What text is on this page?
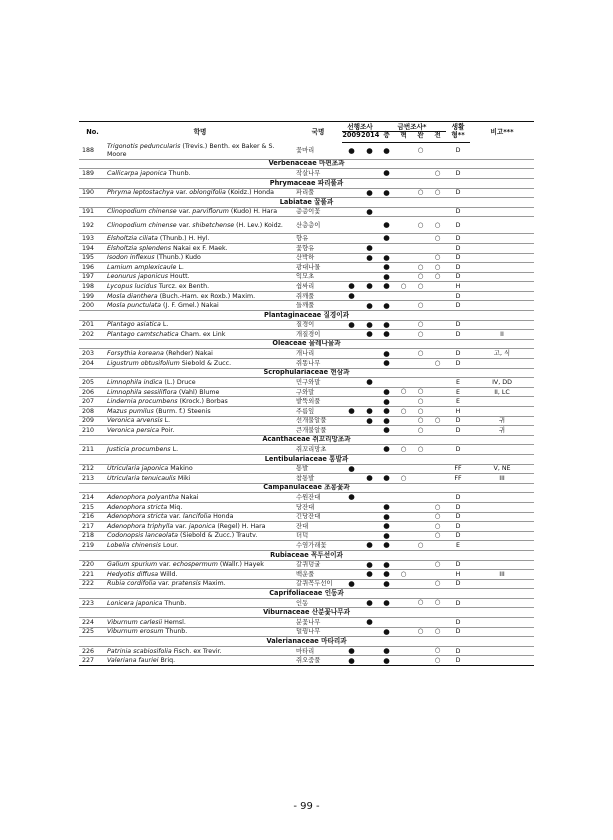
No.	학명	국명	선행조사		금번조사*				생활	비고***
			2009	2014	층	혁	완	전	형**	
188	Trigonotis peduncularis (Trevis.) Benth. ex Baker & S. Moore	꽃마리	●	●	●		○		D	
Verbenaceae 마편초과										
189	Callicarpa japonica Thunb.	작살나무			●			○	D	
Phrymaceae 파리풀과										
190	Phryma leptostachya var. oblongifolia (Koidz.) Honda	파리풀		●	●		○	○	D	
Labiatae 꿀풀과										
191	Clinopodium chinense var. parviflorum (Kudo) H. Hara	층층이꽃		●					D	
192	Clinopodium chinense var. shibetchense (H. Lev.) Koidz.	산층층이			●		○	○	D	
193	Elsholtzia ciliata (Thunb.) H. Hyl.	향유			●			○	D	
194	Elsholtzia splendens Nakai ex F. Maek.	꽃향유		●					D	
195	Isodon inflexus (Thunb.) Kudo	산박하		●	●			○	D	
196	Lamium amplexicaule L.	광대나물			●		○	○	D	
197	Leonurus japonicus Houtt.	익모초			●		○	○	D	
198	Lycopus lucidus Turcz. ex Benth.	쉽싸리	●	●	●	○	○		H	
199	Mosla dianthera (Buch.-Ham. ex Roxb.) Maxim.	쥐깨풀	●						D	
200	Mosla punctulata (J. F. Gmel.) Nakai	들깨풀		●	●		○		D	
Plantaginaceae 질경이과										
201	Plantago asiatica L.	질경이	●	●	●		○		D	
202	Plantago camtschatica Cham. ex Link	개질경이		●	●		○		D	II
Oleaceae 물레나물과										
203	Forsythia koreana (Rehder) Nakai	개나리			●		○		D	고, 식
204	Ligustrum obtusifolium Siebold & Zucc.	쥐똥나무			●			○	D	
Scrophulariaceae 현삼과										
205	Limnophila indica (L.) Druce	민구와말		●					E	IV, DD
206	Limnophila sessiliflora (Vahl) Blume	구와말			●	○	○		E	II, LC
207	Lindernia procumbens (Krock.) Borbas	밭뚝외풀			●		○		E	
208	Mazus pumilus (Burm. f.) Steenis	주름잎	●	●	●	○	○		H	
209	Veronica arvensis L.	선개불알풀		●	●		○	○	D	귀
210	Veronica persica Poir.	큰개불알풀			●		○		D	귀
Acanthaceae 쥐꼬리망초과										
211	Justicia procumbens L.	쥐꼬리망초			●	○	○		D	
Lentibulariaceae 통발과										
212	Utricularia japonica Makino	통발	●						FF	V, NE
213	Utricularia tenuicaulis Miki	참통발		●	●	○			FF	III
Campanulaceae 초롱꽃과										
214	Adenophora polyantha Nakai	수원잔대	●						D	
215	Adenophora stricta Miq.	당잔대			●			○	D	
216	Adenophora stricta var. lancifolia Honda	긴당잔대			●			○	D	
217	Adenophora triphylla var. japonica (Regel) H. Hara	잔대			●			○	D	
218	Codonopsis lanceolata (Siebold & Zucc.) Trautv.	더덕			●			○	D	
219	Lobelia chinensis Lour.	수염가래꽃		●	●		○		E	
Rubiaceae 꼭두선이과										
220	Galium spurium var. echospermum (Wallr.) Hayek	갈퀴덩굴		●	●			○	D	
221	Hedyotis diffusa Willd.	백운풀		●	●	○			H	III
222	Rubia cordifolia var. pratensis Maxim.	갈퀴꼭두선이	●		●			○	D	
Caprifoliaceae 인동과										
223	Lonicera japonica Thunb.	인동		●	●		○	○	D	
Viburnaceae 산분꽃나무과										
224	Viburnum carlesii Hemsl.	분꽃나무		●					D	
225	Viburnum erosum Thunb.	덜꿩나무			●		○	○	D	
Valerianaceae 마타리과										
226	Patrinia scabiosifolia Fisch. ex Trevir.	마타리	●		●			○	D	
227	Valeriana fauriei Briq.	쥐오줌풀	●		●			○	D	
- 99 -
